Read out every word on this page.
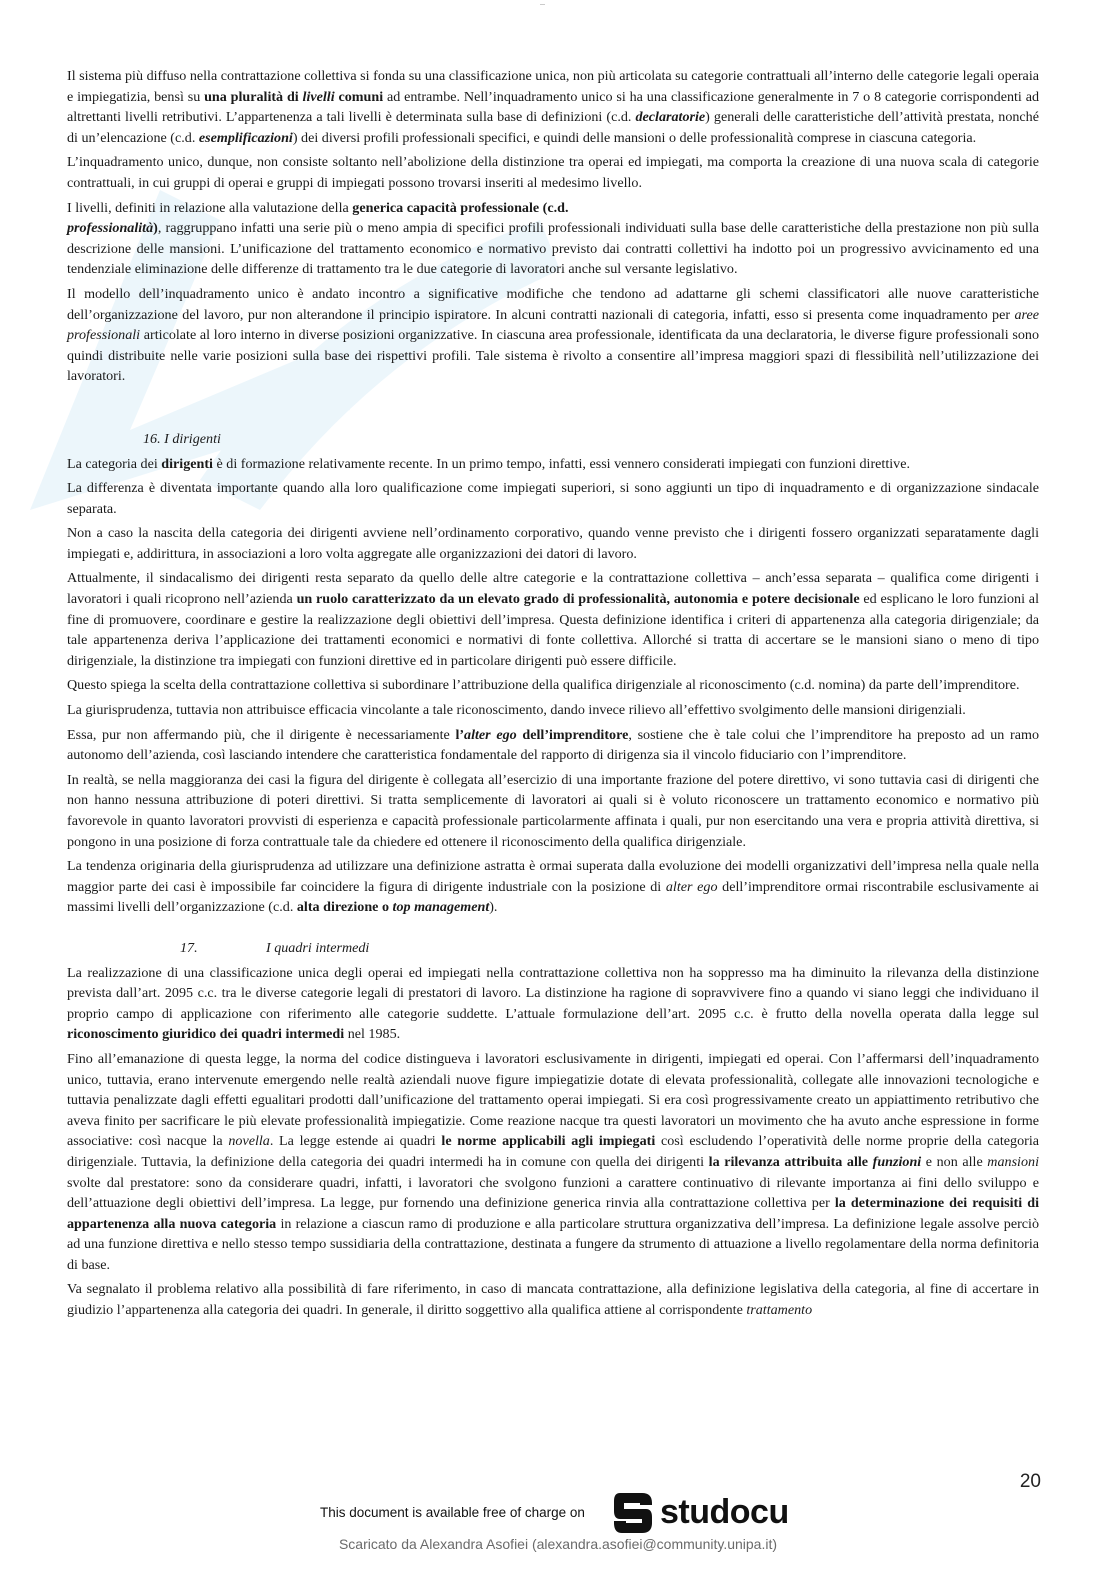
—

Il sistema più diffuso nella contrattazione collettiva si fonda su una classificazione unica, non più articolata su categorie contrattuali all’interno delle categorie legali operaia e impiegatizia, bensì su una pluralità di livelli comuni ad entrambe. Nell’inquadramento unico si ha una classificazione generalmente in 7 o 8 categorie corrispondenti ad altrettanti livelli retributivi. L’appartenenza a tali livelli è determinata sulla base di definizioni (c.d. declaratorie) generali delle caratteristiche dell’attività prestata, nonché di un’elencazione (c.d. esemplificazioni) dei diversi profili professionali specifici, e quindi delle mansioni o delle professionalità comprese in ciascuna categoria.

L’inquadramento unico, dunque, non consiste soltanto nell’abolizione della distinzione tra operai ed impiegati, ma comporta la creazione di una nuova scala di categorie contrattuali, in cui gruppi di operai e gruppi di impiegati possono trovarsi inseriti al medesimo livello.

I livelli, definiti in relazione alla valutazione della generica capacità professionale (c.d.

professionalità), raggruppano infatti una serie più o meno ampia di specifici profili professionali individuati sulla base delle caratteristiche della prestazione non più sulla descrizione delle mansioni. L’unificazione del trattamento economico e normativo previsto dai contratti collettivi ha indotto poi un progressivo avvicinamento ed una tendenziale eliminazione delle differenze di trattamento tra le due categorie di lavoratori anche sul versante legislativo.

Il modello dell’inquadramento unico è andato incontro a significative modifiche che tendono ad adattarne gli schemi classificatori alle nuove caratteristiche dell’organizzazione del lavoro, pur non alterandone il principio ispiratore. In alcuni contratti nazionali di categoria, infatti, esso si presenta come inquadramento per aree professionali articolate al loro interno in diverse posizioni organizzative. In ciascuna area professionale, identificata da una declaratoria, le diverse figure professionali sono quindi distribuite nelle varie posizioni sulla base dei rispettivi profili. Tale sistema è rivolto a consentire all’impresa maggiori spazi di flessibilità nell’utilizzazione dei lavoratori.

16. I dirigenti

La categoria dei dirigenti è di formazione relativamente recente. In un primo tempo, infatti, essi vennero considerati impiegati con funzioni direttive.

La differenza è diventata importante quando alla loro qualificazione come impiegati superiori, si sono aggiunti un tipo di inquadramento e di organizzazione sindacale separata.

Non a caso la nascita della categoria dei dirigenti avviene nell’ordinamento corporativo, quando venne previsto che i dirigenti fossero organizzati separatamente dagli impiegati e, addirittura, in associazioni a loro volta aggregate alle organizzazioni dei datori di lavoro.

Attualmente, il sindacalismo dei dirigenti resta separato da quello delle altre categorie e la contrattazione collettiva – anch’essa separata – qualifica come dirigenti i lavoratori i quali ricoprono nell’azienda un ruolo caratterizzato da un elevato grado di professionalità, autonomia e potere decisionale ed esplicano le loro funzioni al fine di promuovere, coordinare e gestire la realizzazione degli obiettivi dell’impresa. Questa definizione identifica i criteri di appartenenza alla categoria dirigenziale; da tale appartenenza deriva l’applicazione dei trattamenti economici e normativi di fonte collettiva. Allorché si tratta di accertare se le mansioni siano o meno di tipo dirigenziale, la distinzione tra impiegati con funzioni direttive ed in particolare dirigenti può essere difficile.

Questo spiega la scelta della contrattazione collettiva si subordinare l’attribuzione della qualifica dirigenziale al riconoscimento (c.d. nomina) da parte dell’imprenditore.

La giurisprudenza, tuttavia non attribuisce efficacia vincolante a tale riconoscimento, dando invece rilievo all’effettivo svolgimento delle mansioni dirigenziali.

Essa, pur non affermando più, che il dirigente è necessariamente l’alter ego dell’imprenditore, sostiene che è tale colui che l’imprenditore ha preposto ad un ramo autonomo dell’azienda, così lasciando intendere che caratteristica fondamentale del rapporto di dirigenza sia il vincolo fiduciario con l’imprenditore.

In realtà, se nella maggioranza dei casi la figura del dirigente è collegata all’esercizio di una importante frazione del potere direttivo, vi sono tuttavia casi di dirigenti che non hanno nessuna attribuzione di poteri direttivi. Si tratta semplicemente di lavoratori ai quali si è voluto riconoscere un trattamento economico e normativo più favorevole in quanto lavoratori provvisti di esperienza e capacità professionale particolarmente affinata i quali, pur non esercitando una vera e propria attività direttiva, si pongono in una posizione di forza contrattuale tale da chiedere ed ottenere il riconoscimento della qualifica dirigenziale.

La tendenza originaria della giurisprudenza ad utilizzare una definizione astratta è ormai superata dalla evoluzione dei modelli organizzativi dell’impresa nella quale nella maggior parte dei casi è impossibile far coincidere la figura di dirigente industriale con la posizione di alter ego dell’imprenditore ormai riscontrabile esclusivamente ai massimi livelli dell’organizzazione (c.d. alta direzione o top management).

17.	I quadri intermedi

La realizzazione di una classificazione unica degli operai ed impiegati nella contrattazione collettiva non ha soppresso ma ha diminuito la rilevanza della distinzione prevista dall’art. 2095 c.c. tra le diverse categorie legali di prestatori di lavoro. La distinzione ha ragione di sopravvivere fino a quando vi siano leggi che individuano il proprio campo di applicazione con riferimento alle categorie suddette. L’attuale formulazione dell’art. 2095 c.c. è frutto della novella operata dalla legge sul riconoscimento giuridico dei quadri intermedi nel 1985.

Fino all’emanazione di questa legge, la norma del codice distingueva i lavoratori esclusivamente in dirigenti, impiegati ed operai. Con l’affermarsi dell’inquadramento unico, tuttavia, erano intervenute emergendo nelle realtà aziendali nuove figure impiegatizie dotate di elevata professionalità, collegate alle innovazioni tecnologiche e tuttavia penalizzate dagli effetti egualitari prodotti dall’unificazione del trattamento operai impiegati. Si era così progressivamente creato un appiattimento retributivo che aveva finito per sacrificare le più elevate professionalità impiegatizie. Come reazione nacque tra questi lavoratori un movimento che ha avuto anche espressione in forme associative: così nacque la novella. La legge estende ai quadri le norme applicabili agli impiegati così escludendo l’operatività delle norme proprie della categoria dirigenziale. Tuttavia, la definizione della categoria dei quadri intermedi ha in comune con quella dei dirigenti la rilevanza attribuita alle funzioni e non alle mansioni svolte dal prestatore: sono da considerare quadri, infatti, i lavoratori che svolgono funzioni a carattere continuativo di rilevante importanza ai fini dello sviluppo e dell’attuazione degli obiettivi dell’impresa. La legge, pur fornendo una definizione generica rinvia alla contrattazione collettiva per la determinazione dei requisiti di appartenenza alla nuova categoria in relazione a ciascun ramo di produzione e alla particolare struttura organizzativa dell’impresa. La definizione legale assolve perciò ad una funzione direttiva e nello stesso tempo sussidiaria della contrattazione, destinata a fungere da strumento di attuazione a livello regolamentare della norma definitoria di base.

Va segnalato il problema relativo alla possibilità di fare riferimento, in caso di mancata contrattazione, alla definizione legislativa della categoria, al fine di accertare in giudizio l’appartenenza alla categoria dei quadri. In generale, il diritto soggettivo alla qualifica attiene al corrispondente trattamento

20
This document is available free of charge on studocu
Scaricato da Alexandra Asofiei (alexandra.asofiei@community.unipa.it)
